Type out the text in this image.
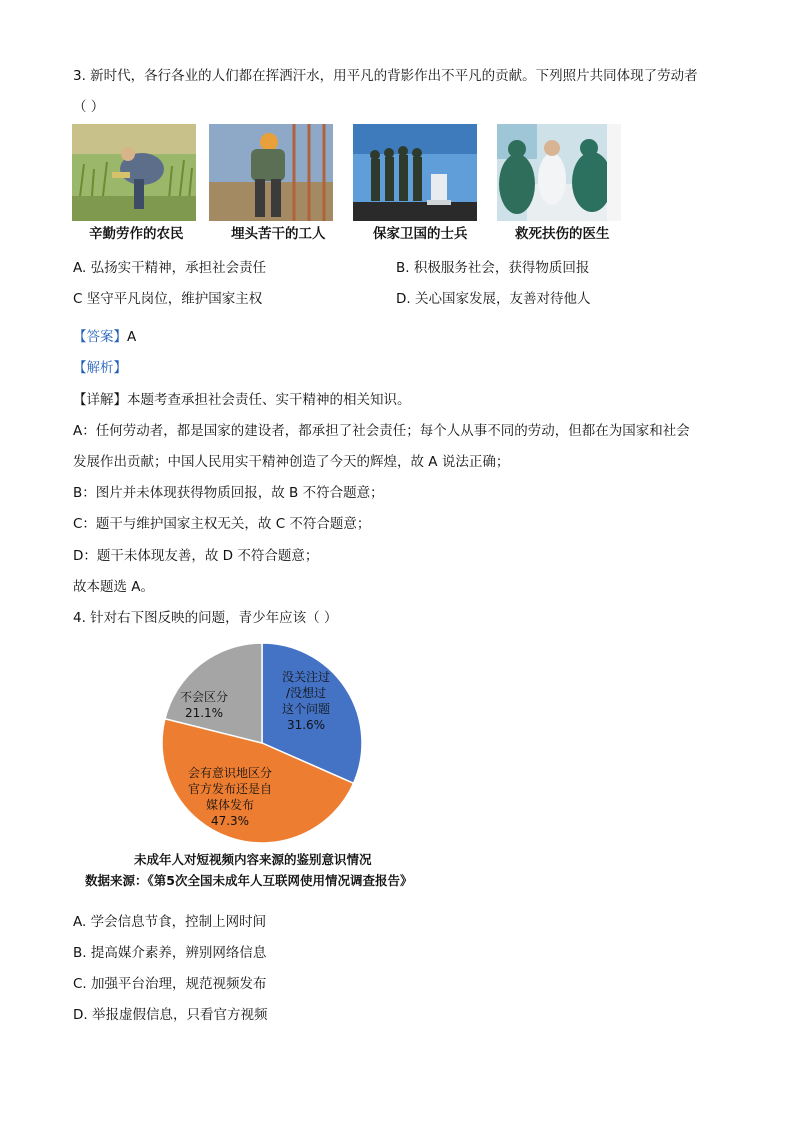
3. 新时代，各行各业的人们都在挥洒汗水，用平凡的背影作出不平凡的贡献。下列照片共同体现了劳动者
（ ）
辛勤劳作的农民	埋头苦干的工人	保家卫国的士兵	救死扶伤的医生
A. 弘扬实干精神，承担社会责任	B. 积极服务社会，获得物质回报
C 坚守平凡岗位，维护国家主权	D. 关心国家发展，友善对待他人
【答案】A
【解析】
【详解】本题考查承担社会责任、实干精神的相关知识。
A：任何劳动者，都是国家的建设者，都承担了社会责任；每个人从事不同的劳动，但都在为国家和社会
发展作出贡献；中国人民用实干精神创造了今天的辉煌，故 A 说法正确；
B：图片并未体现获得物质回报，故 B 不符合题意；
C：题干与维护国家主权无关，故 C 不符合题意；
D：题干未体现友善，故 D 不符合题意；
故本题选 A。
4. 针对右下图反映的问题，青少年应该（ ）
没关注过/没想过这个问题 31.6%
会有意识地区分官方发布还是自媒体发布 47.3%
不会区分 21.1%
未成年人对短视频内容来源的鉴别意识情况
数据来源：《第5次全国未成年人互联网使用情况调查报告》
A. 学会信息节食，控制上网时间
B. 提高媒介素养，辨别网络信息
C. 加强平台治理，规范视频发布
D. 举报虚假信息，只看官方视频
